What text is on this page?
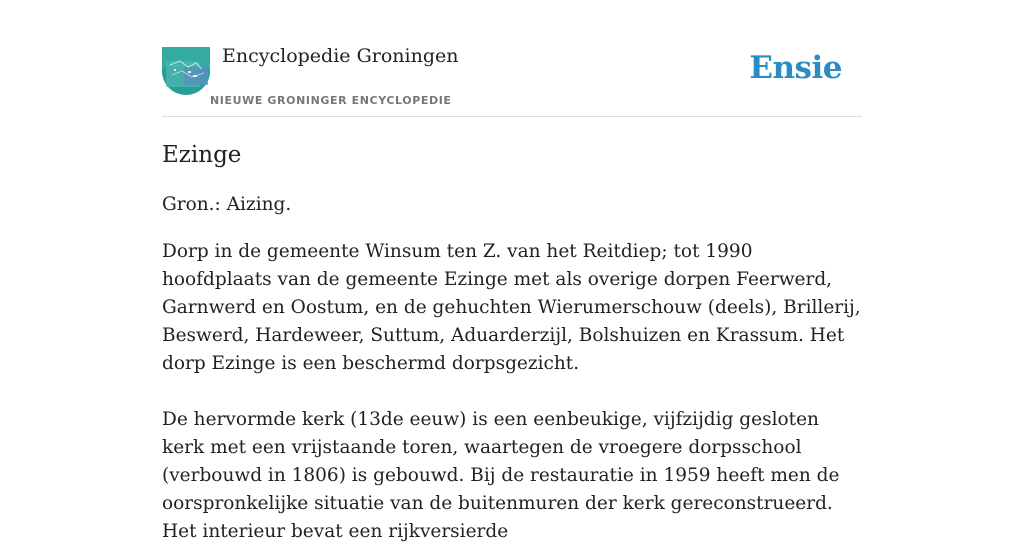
Encyclopedie Groningen
NIEUWE GRONINGER ENCYCLOPEDIE
Ensie
Ezinge

Gron.: Aizing.

Dorp in de gemeente Winsum ten Z. van het Reitdiep; tot 1990 hoofdplaats van de gemeente Ezinge met als overige dorpen Feerwerd, Garnwerd en Oostum, en de gehuchten Wierumerschouw (deels), Brillerij, Beswerd, Hardeweer, Suttum, Aduarderzijl, Bolshuizen en Krassum. Het dorp Ezinge is een beschermd dorpsgezicht.

De hervormde kerk (13de eeuw) is een eenbeukige, vijfzijdig gesloten kerk met een vrijstaande toren, waartegen de vroegere dorpsschool (verbouwd in 1806) is gebouwd. Bij de restauratie in 1959 heeft men de oorspronkelijke situatie van de buitenmuren der kerk gereconstrueerd. Het interieur bevat een rijkversierde
